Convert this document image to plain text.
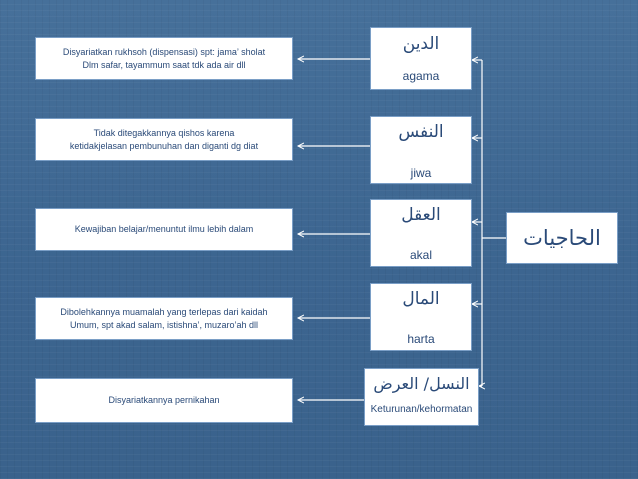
Disyariatkan rukhsoh (dispensasi) spt: jama’ sholat
Dlm safar, tayammum saat tdk ada air dll
Tidak ditegakkannya qishos karena
ketidakjelasan pembunuhan dan diganti dg diat
Kewajiban belajar/menuntut ilmu lebih dalam
Dibolehkannya muamalah yang terlepas dari kaidah
Umum, spt akad salam, istishna’, muzaro’ah dll
Disyariatkannya pernikahan
الدين
agama
النفس
jiwa
العقل
akal
المال
harta
النسل/ العرض
Keturunan/kehormatan
الحاجيات
